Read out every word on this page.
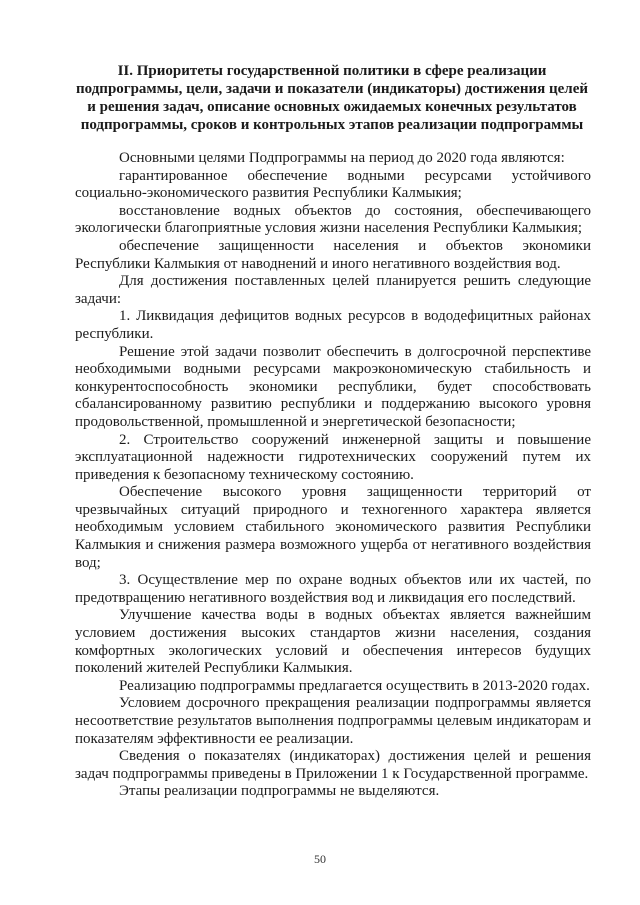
II. Приоритеты государственной политики в сфере реализации подпрограммы, цели, задачи и показатели (индикаторы) достижения целей и решения задач, описание основных ожидаемых конечных результатов подпрограммы, сроков и контрольных этапов реализации подпрограммы

Основными целями Подпрограммы на период до 2020 года являются:

гарантированное обеспечение водными ресурсами устойчивого социально-экономического развития Республики Калмыкия;

восстановление водных объектов до состояния, обеспечивающего экологически благоприятные условия жизни населения Республики Калмыкия;

обеспечение защищенности населения и объектов экономики Республики Калмыкия от наводнений и иного негативного воздействия вод.

Для достижения поставленных целей планируется решить следующие задачи:

1. Ликвидация дефицитов водных ресурсов в вододефицитных районах республики.

Решение этой задачи позволит обеспечить в долгосрочной перспективе необходимыми водными ресурсами макроэкономическую стабильность и конкурентоспособность экономики республики, будет способствовать сбалансированному развитию республики и поддержанию высокого уровня продовольственной, промышленной и энергетической безопасности;

2. Строительство сооружений инженерной защиты и повышение эксплуатационной надежности гидротехнических сооружений путем их приведения к безопасному техническому состоянию.

Обеспечение высокого уровня защищенности территорий от чрезвычайных ситуаций природного и техногенного характера является необходимым условием стабильного экономического развития Республики Калмыкия и снижения размера возможного ущерба от негативного воздействия вод;

3. Осуществление мер по охране водных объектов или их частей, по предотвращению негативного воздействия вод и ликвидация его последствий.

Улучшение качества воды в водных объектах является важнейшим условием достижения высоких стандартов жизни населения, создания комфортных экологических условий и обеспечения интересов будущих поколений жителей Республики Калмыкия.

Реализацию подпрограммы предлагается осуществить в 2013-2020 годах.

Условием досрочного прекращения реализации подпрограммы является несоответствие результатов выполнения подпрограммы целевым индикаторам и показателям эффективности ее реализации.

Сведения о показателях (индикаторах) достижения целей и решения задач подпрограммы приведены в Приложении 1 к Государственной программе.

Этапы реализации подпрограммы не выделяются.

50
